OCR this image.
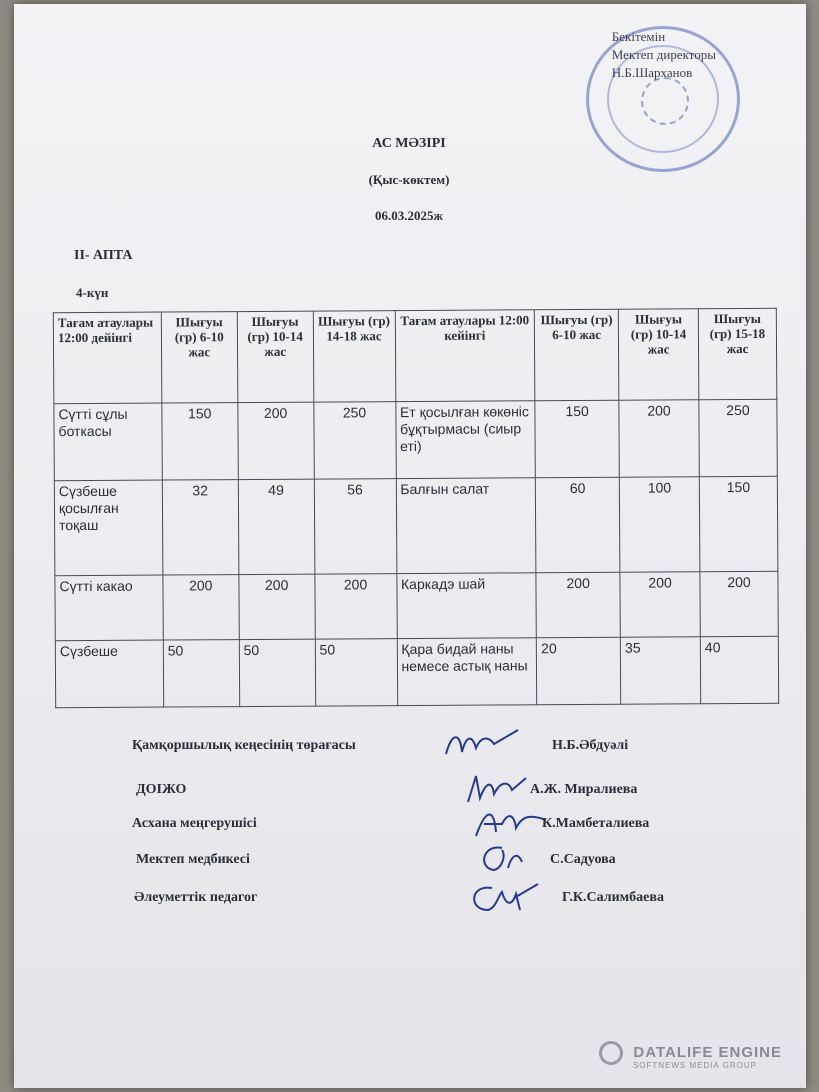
Бекітемін
Мектеп директоры
Н.Б.Шарханов
АС МӘЗІРІ
(Қыс-көктем)
06.03.2025ж
ІІ- АПТА
4-күн
Тағам атаулары 12:00 дейінгі	Шығуы (гр) 6-10 жас	Шығуы (гр) 10-14 жас	Шығуы (гр) 14-18 жас	Тағам атаулары 12:00 кейінгі	Шығуы (гр) 6-10 жас	Шығуы (гр) 10-14 жас	Шығуы (гр) 15-18 жас
Сүтті сұлы боткасы	150	200	250	Ет қосылған көкөніс бұқтырмасы (сиыр еті)	150	200	250
Сүзбеше қосылған тоқаш	32	49	56	Балғын салат	60	100	150
Сүтті какао	200	200	200	Каркадэ шай	200	200	200
Сүзбеше	50	50	50	Қара бидай наны немесе астық наны	20	35	40
Қамқоршылық кеңесінің төрағасы	Н.Б.Әбдуәлі
ДОІЖО	А.Ж. Миралиева
Асхана меңгерушісі	К.Мамбеталиева
Мектеп медбикесі	С.Садуова
Әлеуметтік педагог	Г.К.Салимбаева
DATALIFE ENGINE
SOFTNEWS MEDIA GROUP
